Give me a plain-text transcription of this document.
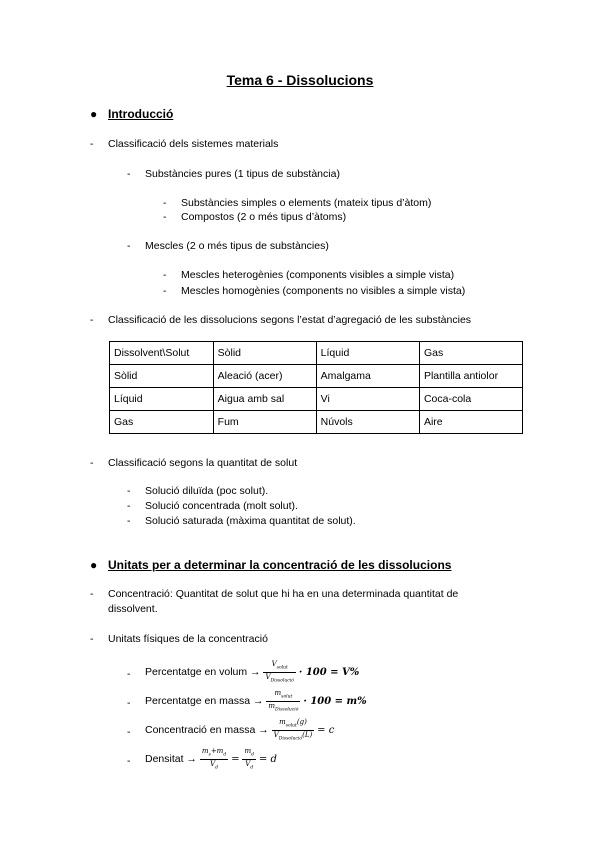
Tema 6 - Dissolucions
● Introducció
- Classificació dels sistemes materials
- Substàncies pures (1 tipus de substància)
- Substàncies simples o elements (mateix tipus d’àtom)
- Compostos (2 o més tipus d’àtoms)
- Mescles (2 o més tipus de substàncies)
- Mescles heterogènies (components visibles a simple vista)
- Mescles homogènies (components no visibles a simple vista)
- Classificació de les dissolucions segons l’estat d’agregació de les substàncies
Dissolvent\Solut	Sòlid	Líquid	Gas
Sòlid	Aleació (acer)	Amalgama	Plantilla antiolor
Líquid	Aigua amb sal	Vi	Coca-cola
Gas	Fum	Núvols	Aire
- Classificació segons la quantitat de solut
- Solució diluïda (poc solut).
- Solució concentrada (molt solut).
- Solució saturada (màxima quantitat de solut).
● Unitats per a determinar la concentració de les dissolucions
- Concentració: Quantitat de solut que hi ha en una determinada quantitat de
dissolvent.
- Unitats físiques de la concentració
- Percentatge en volum →
$\frac{V_{solut}}{V_{Dissolució}}$
· 100 = V%
- Percentatge en massa →
$\frac{m_{solut}}{m_{Dissolució}}$
· 100 = m%
- Concentració en massa →
$\frac{m_{solut}(g)}{V_{Dissolució}(L)}$
= c
- Densitat →
$\frac{m_s+m_d}{V_d}$
=
$\frac{m_d}{V_d}$
= d
